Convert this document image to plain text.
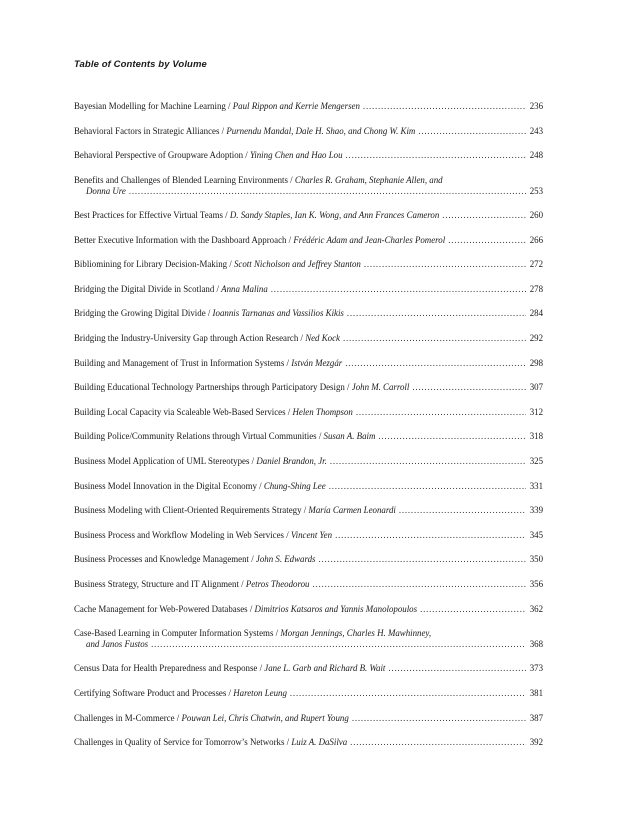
Table of Contents by Volume
Bayesian Modelling for Machine Learning / Paul Rippon and Kerrie Mengersen .....	236
Behavioral Factors in Strategic Alliances / Purnendu Mandal, Dale H. Shao, and Chong W. Kim .....	243
Behavioral Perspective of Groupware Adoption / Yining Chen and Hao Lou .....	248
Benefits and Challenges of Blended Learning Environments / Charles R. Graham, Stephanie Allen, and
Donna Ure .....	253
Best Practices for Effective Virtual Teams / D. Sandy Staples, Ian K. Wong, and Ann Frances Cameron .....	260
Better Executive Information with the Dashboard Approach / Frédéric Adam and Jean-Charles Pomerol .....	266
Bibliomining for Library Decision-Making / Scott Nicholson and Jeffrey Stanton .....	272
Bridging the Digital Divide in Scotland / Anna Malina .....	278
Bridging the Growing Digital Divide / Ioannis Tarnanas and Vassilios Kikis .....	284
Bridging the Industry-University Gap through Action Research / Ned Kock .....	292
Building and Management of Trust in Information Systems / István Mezgár .....	298
Building Educational Technology Partnerships through Participatory Design / John M. Carroll .....	307
Building Local Capacity via Scaleable Web-Based Services / Helen Thompson .....	312
Building Police/Community Relations through Virtual Communities / Susan A. Baim .....	318
Business Model Application of UML Stereotypes / Daniel Brandon, Jr. .....	325
Business Model Innovation in the Digital Economy / Chung-Shing Lee .....	331
Business Modeling with Client-Oriented Requirements Strategy / María Carmen Leonardi .....	339
Business Process and Workflow Modeling in Web Services / Vincent Yen .....	345
Business Processes and Knowledge Management / John S. Edwards .....	350
Business Strategy, Structure and IT Alignment / Petros Theodorou .....	356
Cache Management for Web-Powered Databases / Dimitrios Katsaros and Yannis Manolopoulos .....	362
Case-Based Learning in Computer Information Systems / Morgan Jennings, Charles H. Mawhinney,
and Janos Fustos .....	368
Census Data for Health Preparedness and Response / Jane L. Garb and Richard B. Wait .....	373
Certifying Software Product and Processes / Hareton Leung .....	381
Challenges in M-Commerce / Pouwan Lei, Chris Chatwin, and Rupert Young .....	387
Challenges in Quality of Service for Tomorrow’s Networks / Luiz A. DaSilva .....	392
